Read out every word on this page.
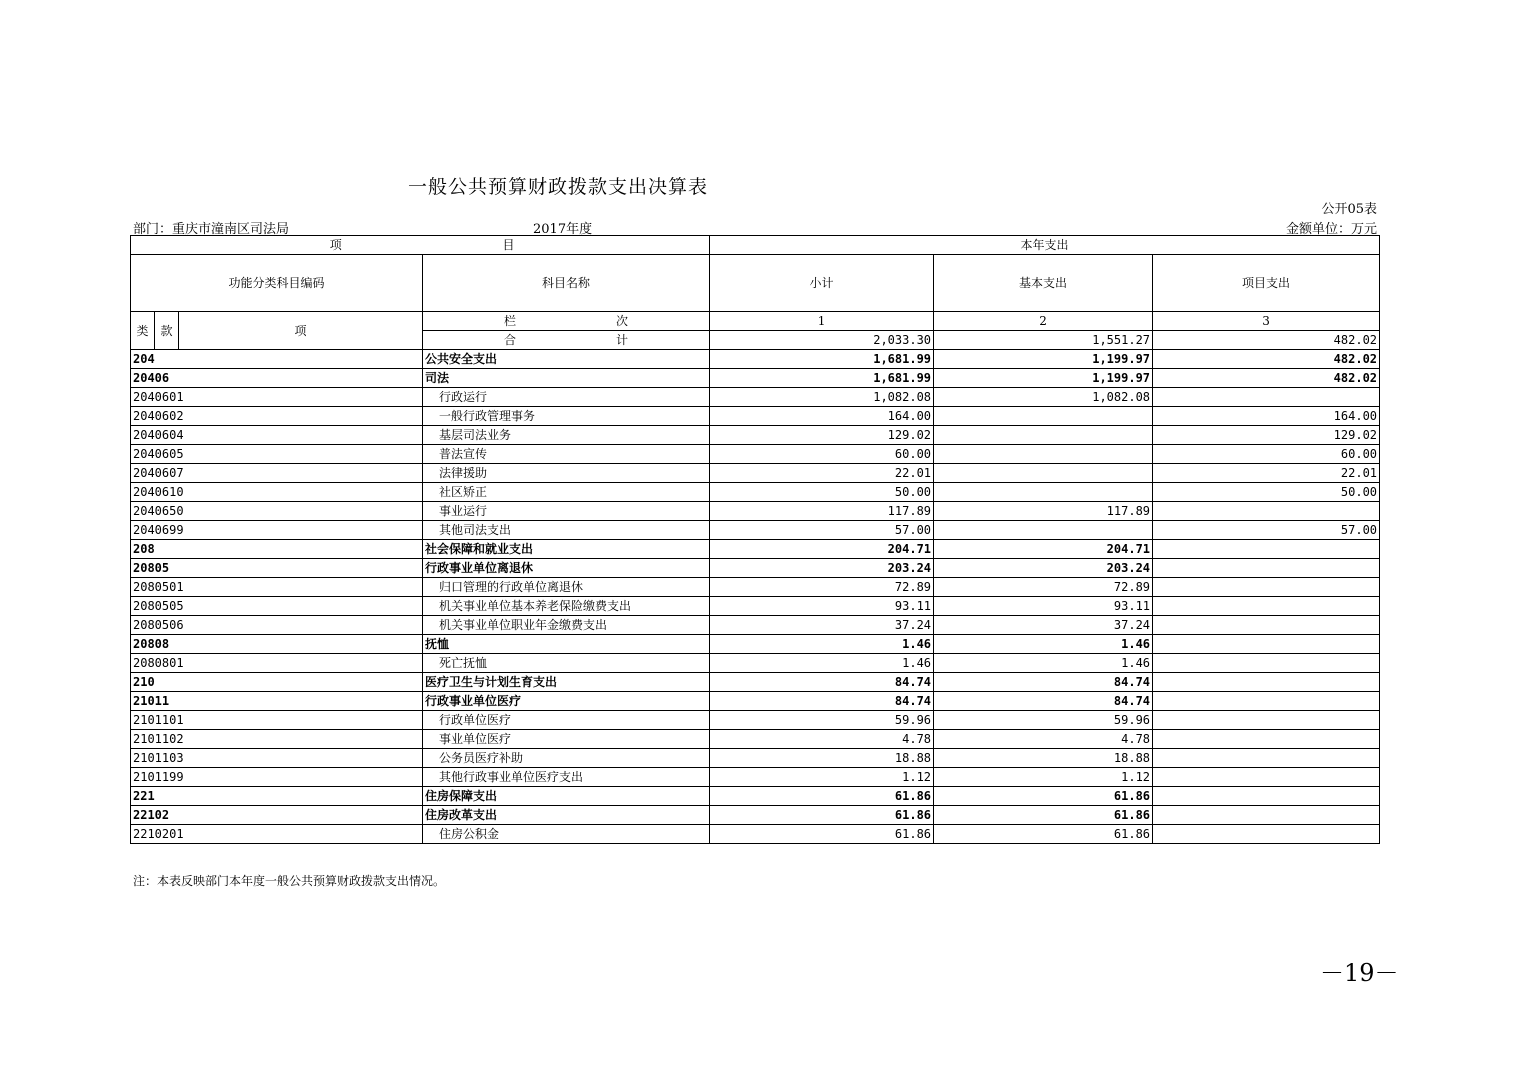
一般公共预算财政拨款支出决算表
公开05表
部门：重庆市潼南区司法局	2017年度	金额单位：万元
项			目	本年支出		
功能分类科目编码			科目名称	小计	基本支出	项目支出
类	款	项	栏 次	1	2	3
			合 计	2,033.30	1,551.27	482.02
204			公共安全支出	1,681.99	1,199.97	482.02
20406			司法	1,681.99	1,199.97	482.02
2040601			行政运行	1,082.08	1,082.08	
2040602			一般行政管理事务	164.00		164.00
2040604			基层司法业务	129.02		129.02
2040605			普法宣传	60.00		60.00
2040607			法律援助	22.01		22.01
2040610			社区矫正	50.00		50.00
2040650			事业运行	117.89	117.89	
2040699			其他司法支出	57.00		57.00
208			社会保障和就业支出	204.71	204.71	
20805			行政事业单位离退休	203.24	203.24	
2080501			归口管理的行政单位离退休	72.89	72.89	
2080505			机关事业单位基本养老保险缴费支出	93.11	93.11	
2080506			机关事业单位职业年金缴费支出	37.24	37.24	
20808			抚恤	1.46	1.46	
2080801			死亡抚恤	1.46	1.46	
210			医疗卫生与计划生育支出	84.74	84.74	
21011			行政事业单位医疗	84.74	84.74	
2101101			行政单位医疗	59.96	59.96	
2101102			事业单位医疗	4.78	4.78	
2101103			公务员医疗补助	18.88	18.88	
2101199			其他行政事业单位医疗支出	1.12	1.12	
221			住房保障支出	61.86	61.86	
22102			住房改革支出	61.86	61.86	
2210201			住房公积金	61.86	61.86	
注：本表反映部门本年度一般公共预算财政拨款支出情况。
－19－
